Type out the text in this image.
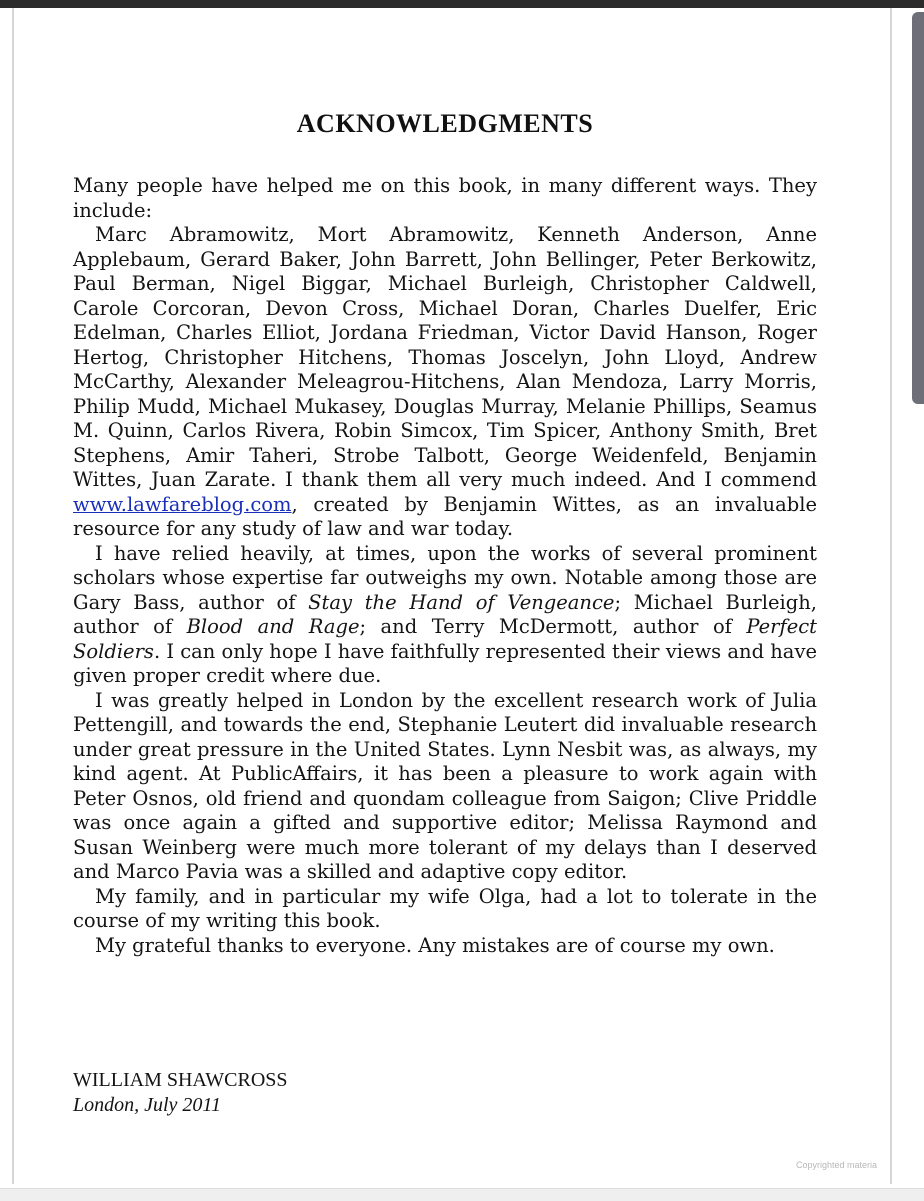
ACKNOWLEDGMENTS

Many people have helped me on this book, in many different ways. They include:

Marc Abramowitz, Mort Abramowitz, Kenneth Anderson, Anne Applebaum, Gerard Baker, John Barrett, John Bellinger, Peter Berkowitz, Paul Berman, Nigel Biggar, Michael Burleigh, Christopher Caldwell, Carole Corcoran, Devon Cross, Michael Doran, Charles Duelfer, Eric Edelman, Charles Elliot, Jordana Friedman, Victor David Hanson, Roger Hertog, Christopher Hitchens, Thomas Joscelyn, John Lloyd, Andrew McCarthy, Alexander Meleagrou-Hitchens, Alan Mendoza, Larry Morris, Philip Mudd, Michael Mukasey, Douglas Murray, Melanie Phillips, Seamus M. Quinn, Carlos Rivera, Robin Simcox, Tim Spicer, Anthony Smith, Bret Stephens, Amir Taheri, Strobe Talbott, George Weidenfeld, Benjamin Wittes, Juan Zarate. I thank them all very much indeed. And I commend www.lawfareblog.com, created by Benjamin Wittes, as an invaluable resource for any study of law and war today.

I have relied heavily, at times, upon the works of several prominent scholars whose expertise far outweighs my own. Notable among those are Gary Bass, author of Stay the Hand of Vengeance; Michael Burleigh, author of Blood and Rage; and Terry McDermott, author of Perfect Soldiers. I can only hope I have faithfully represented their views and have given proper credit where due.

I was greatly helped in London by the excellent research work of Julia Pettengill, and towards the end, Stephanie Leutert did invaluable research under great pressure in the United States. Lynn Nesbit was, as always, my kind agent. At PublicAffairs, it has been a pleasure to work again with Peter Osnos, old friend and quondam colleague from Saigon; Clive Priddle was once again a gifted and supportive editor; Melissa Raymond and Susan Weinberg were much more tolerant of my delays than I deserved and Marco Pavia was a skilled and adaptive copy editor.

My family, and in particular my wife Olga, had a lot to tolerate in the course of my writing this book.

My grateful thanks to everyone. Any mistakes are of course my own.

WILLIAM SHAWCROSS
London, July 2011
Copyrighted materia
